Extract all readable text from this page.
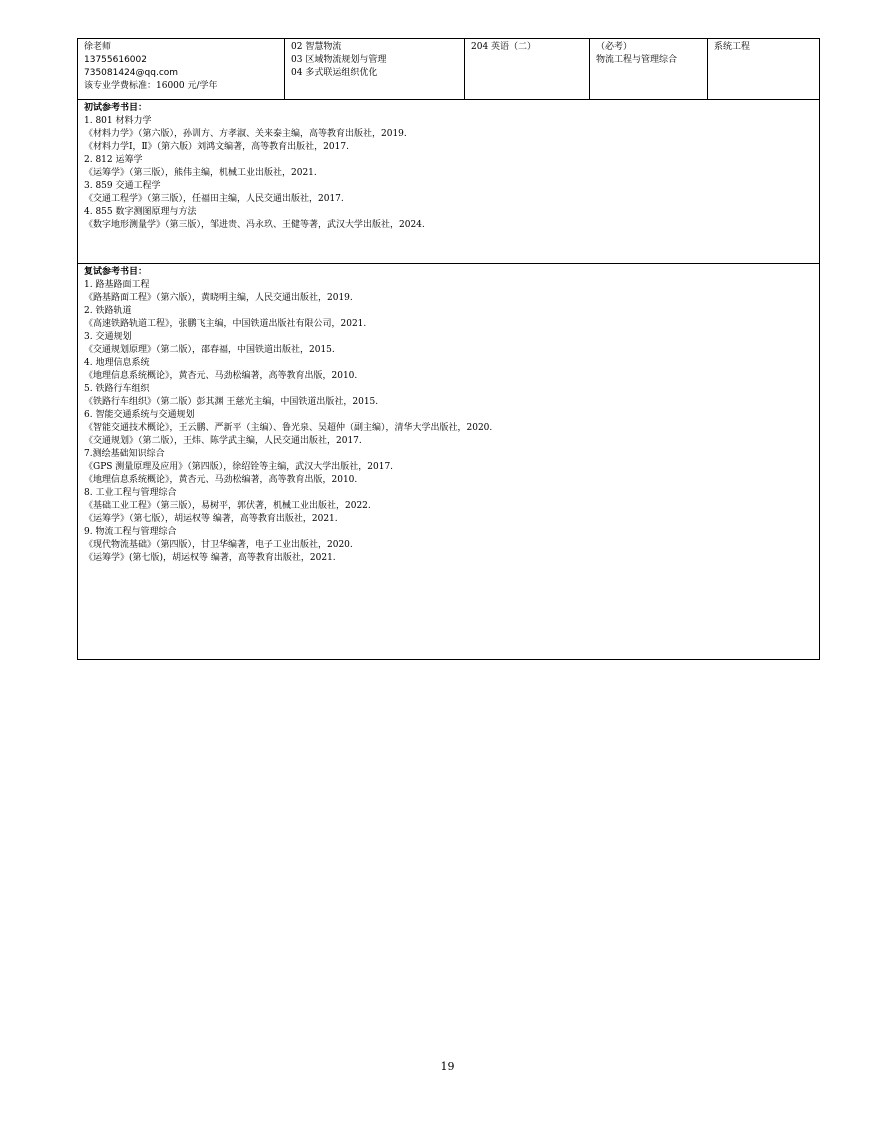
徐老师
13755616002
735081424@qq.com
该专业学费标准：16000 元/学年

02 智慧物流
03 区域物流规划与管理
04 多式联运组织优化

204 英语（二）	（必考）
物流工程与管理综合

系统工程

初试参考书目：
1. 801 材料力学
《材料力学》（第六版），孙训方、方孝淑、关来泰主编，高等教育出版社，2019.
《材料力学Ⅰ，Ⅱ》（第六版）刘鸿文编著，高等教育出版社，2017.
2. 812 运筹学
《运筹学》（第三版），熊伟主编，机械工业出版社，2021.
3. 859 交通工程学
《交通工程学》（第三版），任福田主编，人民交通出版社，2017.
4. 855 数字测图原理与方法
《数字地形测量学》（第三版），邹进贵、冯永玖、王健等著，武汉大学出版社，2024.

复试参考书目：
1. 路基路面工程
《路基路面工程》（第六版），黄晓明主编，人民交通出版社，2019.
2. 铁路轨道
《高速铁路轨道工程》，张鹏飞主编，中国铁道出版社有限公司，2021.
3. 交通规划
《交通规划原理》（第二版），邵春福，中国铁道出版社，2015.
4. 地理信息系统
《地理信息系统概论》，黄杏元、马劲松编著，高等教育出版，2010.
5. 铁路行车组织
《铁路行车组织》（第二版）彭其渊 王慈光主编，中国铁道出版社，2015.
6. 智能交通系统与交通规划
《智能交通技术概论》，王云鹏、严新平（主编）、鲁光泉、吴超仲（副主编），清华大学出版社，2020.
《交通规划》（第二版），王炜、陈学武主编，人民交通出版社，2017.
7.测绘基础知识综合
《GPS 测量原理及应用》（第四版），徐绍铨等主编，武汉大学出版社，2017.
《地理信息系统概论》，黄杏元、马劲松编著，高等教育出版，2010.
8. 工业工程与管理综合
《基础工业工程》（第三版），易树平，郭伏著，机械工业出版社，2022.
《运筹学》（第七版），胡运权等 编著，高等教育出版社，2021.
9. 物流工程与管理综合
《现代物流基础》（第四版），甘卫华编著，电子工业出版社，2020.
《运筹学》(第七版)，胡运权等 编著，高等教育出版社，2021.
19
